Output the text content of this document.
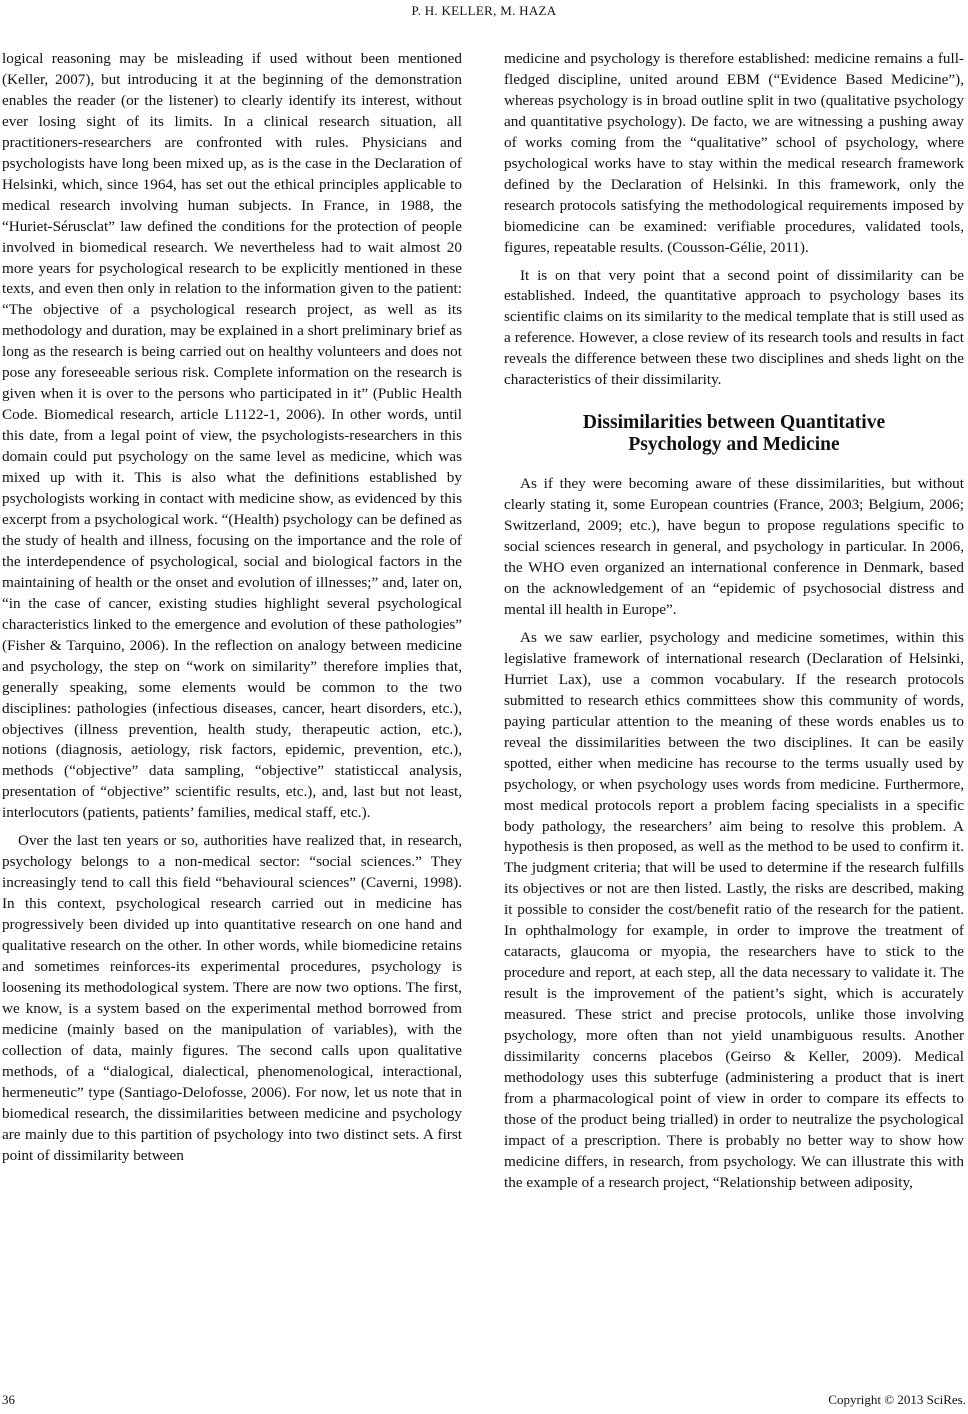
P. H. KELLER, M. HAZA

logical reasoning may be misleading if used without been mentioned (Keller, 2007), but introducing it at the beginning of the demonstration enables the reader (or the listener) to clearly identify its interest, without ever losing sight of its limits. In a clinical research situation, all practitioners-researchers are confronted with rules. Physicians and psychologists have long been mixed up, as is the case in the Declaration of Helsinki, which, since 1964, has set out the ethical principles applicable to medical research involving human subjects. In France, in 1988, the “Huriet-Sérusclat” law defined the conditions for the protection of people involved in biomedical research. We nevertheless had to wait almost 20 more years for psychological research to be explicitly mentioned in these texts, and even then only in relation to the information given to the patient: “The objective of a psychological research project, as well as its methodology and duration, may be explained in a short preliminary brief as long as the research is being carried out on healthy volunteers and does not pose any foreseeable serious risk. Complete information on the research is given when it is over to the persons who participated in it” (Public Health Code. Biomedical research, article L1122-1, 2006). In other words, until this date, from a legal point of view, the psychologists-researchers in this domain could put psychology on the same level as medicine, which was mixed up with it. This is also what the definitions established by psychologists working in contact with medicine show, as evidenced by this excerpt from a psychological work. “(Health) psychology can be defined as the study of health and illness, focusing on the importance and the role of the interdependence of psychological, social and biological factors in the maintaining of health or the onset and evolution of illnesses;” and, later on, “in the case of cancer, existing studies highlight several psychological characteristics linked to the emergence and evolution of these pathologies” (Fisher & Tarquino, 2006). In the reflection on analogy between medicine and psychology, the step on “work on similarity” therefore implies that, generally speaking, some elements would be common to the two disciplines: pathologies (infectious diseases, cancer, heart disorders, etc.), objectives (illness prevention, health study, therapeutic action, etc.), notions (diagnosis, aetiology, risk factors, epidemic, prevention, etc.), methods (“objective” data sampling, “objective” statisticcal analysis, presentation of “objective” scientific results, etc.), and, last but not least, interlocutors (patients, patients’ families, medical staff, etc.).

Over the last ten years or so, authorities have realized that, in research, psychology belongs to a non-medical sector: “social sciences.” They increasingly tend to call this field “behavioural sciences” (Caverni, 1998). In this context, psychological research carried out in medicine has progressively been divided up into quantitative research on one hand and qualitative research on the other. In other words, while biomedicine retains and sometimes reinforces-its experimental procedures, psychology is loosening its methodological system. There are now two options. The first, we know, is a system based on the experimental method borrowed from medicine (mainly based on the manipulation of variables), with the collection of data, mainly figures. The second calls upon qualitative methods, of a “dialogical, dialectical, phenomenological, interactional, hermeneutic” type (Santiago-Delofosse, 2006). For now, let us note that in biomedical research, the dissimilarities between medicine and psychology are mainly due to this partition of psychology into two distinct sets. A first point of dissimilarity between

medicine and psychology is therefore established: medicine remains a full-fledged discipline, united around EBM (“Evidence Based Medicine”), whereas psychology is in broad outline split in two (qualitative psychology and quantitative psychology). De facto, we are witnessing a pushing away of works coming from the “qualitative” school of psychology, where psychological works have to stay within the medical research framework defined by the Declaration of Helsinki. In this framework, only the research protocols satisfying the methodological requirements imposed by biomedicine can be examined: verifiable procedures, validated tools, figures, repeatable results. (Cousson-Gélie, 2011).

It is on that very point that a second point of dissimilarity can be established. Indeed, the quantitative approach to psychology bases its scientific claims on its similarity to the medical template that is still used as a reference. However, a close review of its research tools and results in fact reveals the difference between these two disciplines and sheds light on the characteristics of their dissimilarity.

Dissimilarities between Quantitative
Psychology and Medicine

As if they were becoming aware of these dissimilarities, but without clearly stating it, some European countries (France, 2003; Belgium, 2006; Switzerland, 2009; etc.), have begun to propose regulations specific to social sciences research in general, and psychology in particular. In 2006, the WHO even organized an international conference in Denmark, based on the acknowledgement of an “epidemic of psychosocial distress and mental ill health in Europe”.

As we saw earlier, psychology and medicine sometimes, within this legislative framework of international research (Declaration of Helsinki, Hurriet Lax), use a common vocabulary. If the research protocols submitted to research ethics committees show this community of words, paying particular attention to the meaning of these words enables us to reveal the dissimilarities between the two disciplines. It can be easily spotted, either when medicine has recourse to the terms usually used by psychology, or when psychology uses words from medicine. Furthermore, most medical protocols report a problem facing specialists in a specific body pathology, the researchers’ aim being to resolve this problem. A hypothesis is then proposed, as well as the method to be used to confirm it. The judgment criteria; that will be used to determine if the research fulfills its objectives or not are then listed. Lastly, the risks are described, making it possible to consider the cost/benefit ratio of the research for the patient. In ophthalmology for example, in order to improve the treatment of cataracts, glaucoma or myopia, the researchers have to stick to the procedure and report, at each step, all the data necessary to validate it. The result is the improvement of the patient’s sight, which is accurately measured. These strict and precise protocols, unlike those involving psychology, more often than not yield unambiguous results. Another dissimilarity concerns placebos (Geirso & Keller, 2009). Medical methodology uses this subterfuge (administering a product that is inert from a pharmacological point of view in order to compare its effects to those of the product being trialled) in order to neutralize the psychological impact of a prescription. There is probably no better way to show how medicine differs, in research, from psychology. We can illustrate this with the example of a research project, “Relationship between adiposity,

36	Copyright © 2013 SciRes.
